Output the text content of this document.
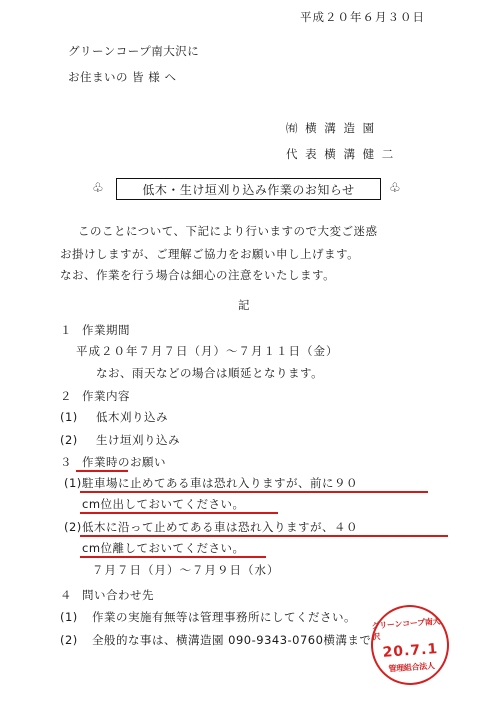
平成２０年６月３０日
グリーンコープ南大沢に
お住まいの 皆 様 へ
㈲ 横 溝 造 園
代 表 横 溝 健 二
♧	低木・生け垣刈り込み作業のお知らせ	♧
このことについて、下記により行いますので大変ご迷惑
お掛けしますが、ご理解ご協力をお願い申し上げます。
なお、作業を行う場合は細心の注意をいたします。
記
１ 作業期間
平成２０年７月７日（月）～７月１１日（金）
なお、雨天などの場合は順延となります。
２ 作業内容
(1) 低木刈り込み
(2) 生け垣刈り込み
３ 作業時のお願い
(1) 駐車場に止めてある車は恐れ入りますが、前に９０
cm位出しておいてください。
(2) 低木に沿って止めてある車は恐れ入りますが、４０
cm位離しておいてください。
７月７日（月）～７月９日（水）
４ 問い合わせ先
(1) 作業の実施有無等は管理事務所にしてください。
(2) 全般的な事は、横溝造園 090-9343-0760横溝まで
グリーンコープ南大沢
20.7.1
管理組合法人
